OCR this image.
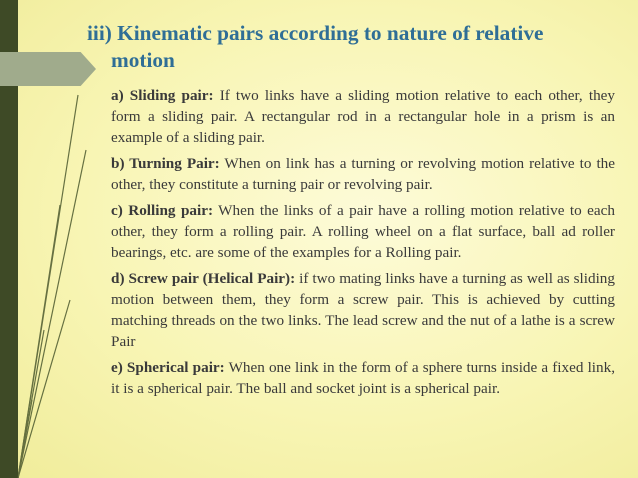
iii) Kinematic pairs according to nature of relative
motion

a) Sliding pair: If two links have a sliding motion relative to each other, they form a sliding pair. A rectangular rod in a rectangular hole in a prism is an example of a sliding pair.

b) Turning Pair: When on link has a turning or revolving motion relative to the other, they constitute a turning pair or revolving pair.

c) Rolling pair: When the links of a pair have a rolling motion relative to each other, they form a rolling pair. A rolling wheel on a flat surface, ball ad roller bearings, etc. are some of the examples for a Rolling pair.

d) Screw pair (Helical Pair): if two mating links have a turning as well as sliding motion between them, they form a screw pair. This is achieved by cutting matching threads on the two links. The lead screw and the nut of a lathe is a screw Pair

e) Spherical pair: When one link in the form of a sphere turns inside a fixed link, it is a spherical pair. The ball and socket joint is a spherical pair.
